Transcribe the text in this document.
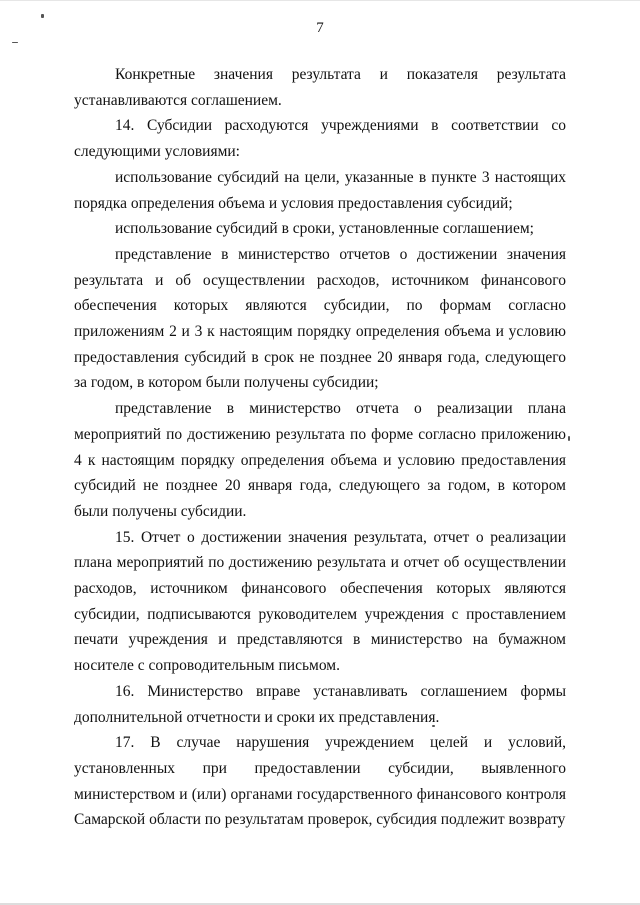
7

Конкретные значения результата и показателя результата устанавливаются соглашением.

14. Субсидии расходуются учреждениями в соответствии со следующими условиями:

использование субсидий на цели, указанные в пункте 3 настоящих порядка определения объема и условия предоставления субсидий;

использование субсидий в сроки, установленные соглашением;

представление в министерство отчетов о достижении значения результата и об осуществлении расходов, источником финансового обеспечения которых являются субсидии, по формам согласно приложениям 2 и 3 к настоящим порядку определения объема и условию предоставления субсидий в срок не позднее 20 января года, следующего за годом, в котором были получены субсидии;

представление в министерство отчета о реализации плана мероприятий по достижению результата по форме согласно приложению 4 к настоящим порядку определения объема и условию предоставления субсидий не позднее 20 января года, следующего за годом, в котором были получены субсидии.

15. Отчет о достижении значения результата, отчет о реализации плана мероприятий по достижению результата и отчет об осуществлении расходов, источником финансового обеспечения которых являются субсидии, подписываются руководителем учреждения с проставлением печати учреждения и представляются в министерство на бумажном носителе с сопроводительным письмом.

16. Министерство вправе устанавливать соглашением формы дополнительной отчетности и сроки их представления.

17. В случае нарушения учреждением целей и условий, установленных при предоставлении субсидии, выявленного министерством и (или) органами государственного финансового контроля Самарской области по результатам проверок, субсидия подлежит возврату
